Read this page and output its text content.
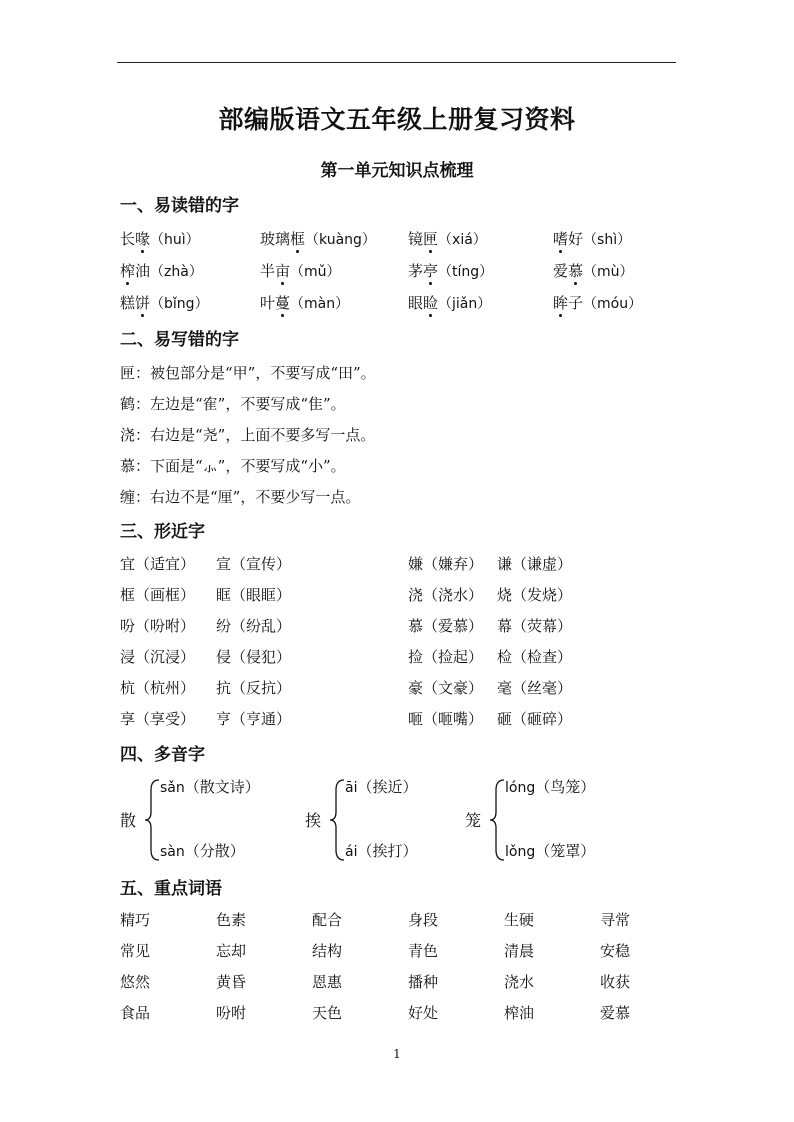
部编版语文五年级上册复习资料
第一单元知识点梳理
一、易读错的字
长喙（huì）	玻璃框（kuàng） 镜匣（xiá）	嗜好（shì）
榨油（zhà）	半亩（mǔ）	茅亭（tíng）	爱慕（mù）
糕饼（bǐng）	叶蔓（màn）	眼睑（jiǎn）	眸子（móu）
二、易写错的字
匣：被包部分是“甲”，不要写成“田”。
鹤：左边是“隺”，不要写成“隹”。
浇：右边是“尧”，上面不要多写一点。
慕：下面是“⺗”，不要写成“小”。
缠：右边不是“厘”，不要少写一点。
三、形近字
宜（适宜） 宣（宣传）	嫌（嫌弃） 谦（谦虚）
框（画框） 眶（眼眶）	浇（浇水） 烧（发烧）
吩（吩咐） 纷（纷乱）	慕（爱慕） 幕（荧幕）
浸（沉浸） 侵（侵犯）	捡（捡起） 检（检查）
杭（杭州） 抗（反抗）	豪（文豪） 毫（丝毫）
享（享受） 亨（亨通）	咂（咂嘴） 砸（砸碎）
四、多音字
散
sǎn（散文诗）
sàn（分散）
挨
āi（挨近）
ái（挨打）
笼
lóng（鸟笼）
lǒng（笼罩）
五、重点词语
精巧	色素	配合	身段	生硬	寻常
常见	忘却	结构	青色	清晨	安稳
悠然	黄昏	恩惠	播种	浇水	收获
食品	吩咐	天色	好处	榨油	爱慕
1
